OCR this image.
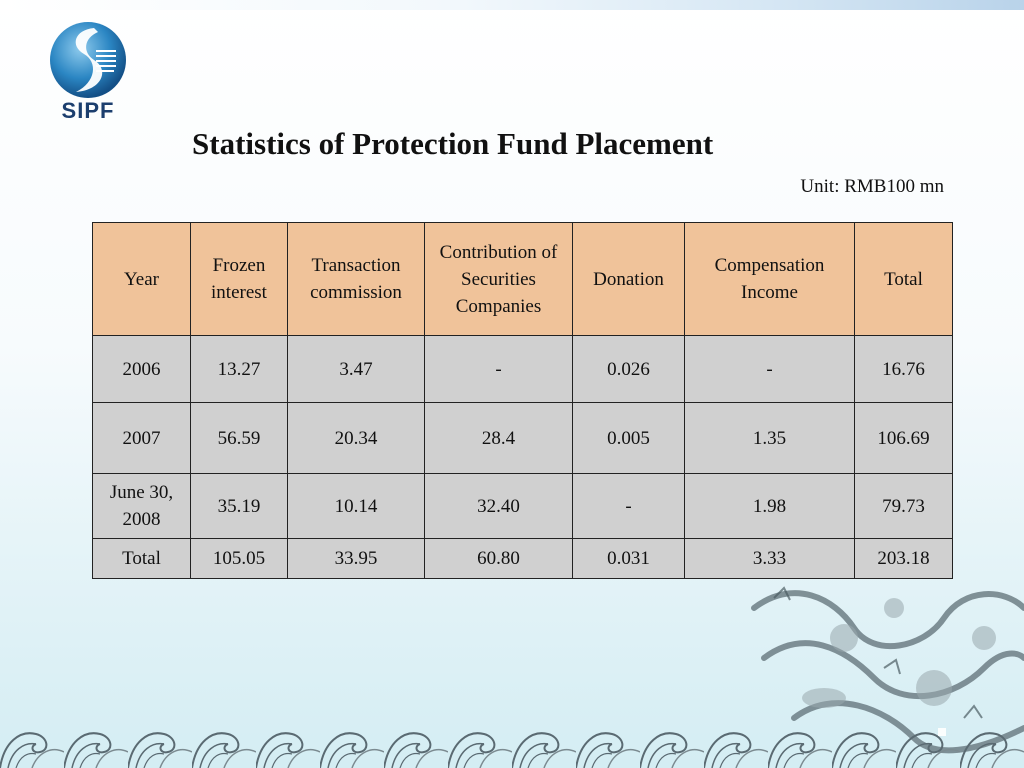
SIPF
Statistics of Protection Fund Placement
Unit: RMB100 mn
Year	Frozen interest	Transaction commission	Contribution of Securities Companies	Donation	Compensation Income	Total
2006	13.27	3.47	-	0.026	-	16.76
2007	56.59	20.34	28.4	0.005	1.35	106.69
June 30, 2008	35.19	10.14	32.40	-	1.98	79.73
Total	105.05	33.95	60.80	0.031	3.33	203.18
